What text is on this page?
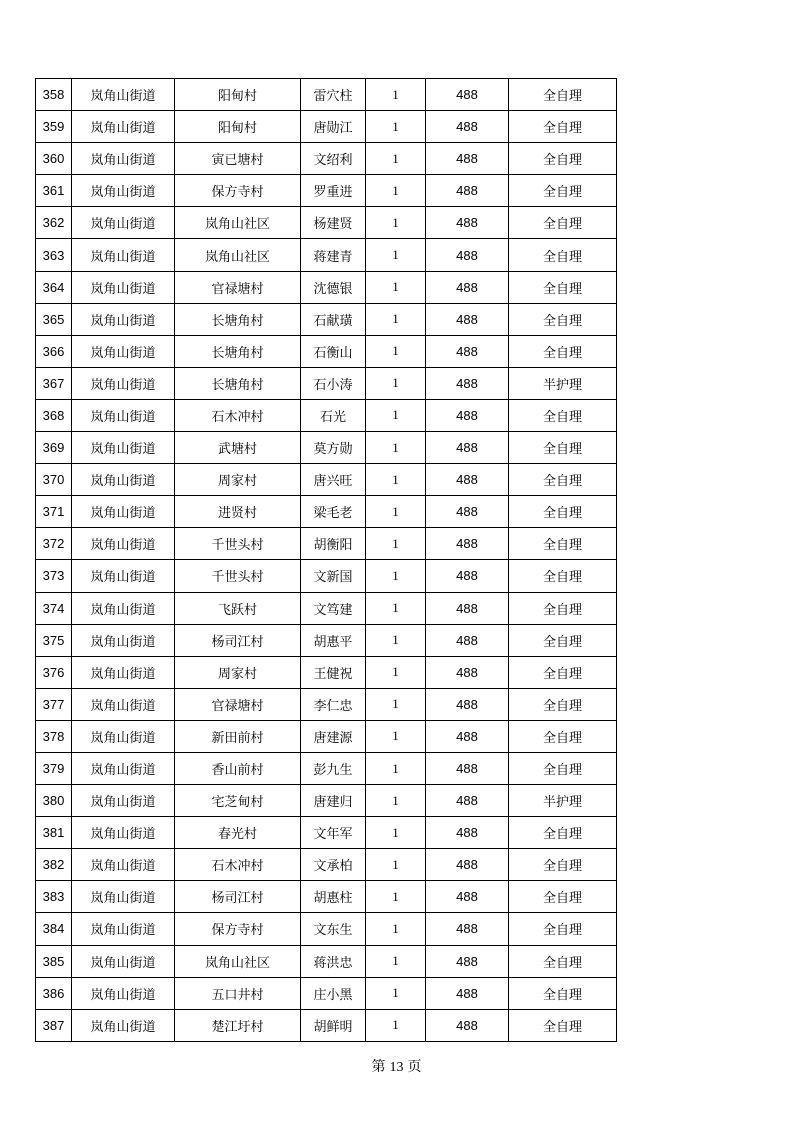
358	岚角山街道	阳甸村	雷穴柱	1	488	全自理
359	岚角山街道	阳甸村	唐勋江	1	488	全自理
360	岚角山街道	寅已塘村	文绍利	1	488	全自理
361	岚角山街道	保方寺村	罗重进	1	488	全自理
362	岚角山街道	岚角山社区	杨建贤	1	488	全自理
363	岚角山街道	岚角山社区	蒋建青	1	488	全自理
364	岚角山街道	官禄塘村	沈德银	1	488	全自理
365	岚角山街道	长塘角村	石献璜	1	488	全自理
366	岚角山街道	长塘角村	石衡山	1	488	全自理
367	岚角山街道	长塘角村	石小涛	1	488	半护理
368	岚角山街道	石木冲村	石光	1	488	全自理
369	岚角山街道	武塘村	莫方勋	1	488	全自理
370	岚角山街道	周家村	唐兴旺	1	488	全自理
371	岚角山街道	进贤村	梁毛老	1	488	全自理
372	岚角山街道	千世头村	胡衡阳	1	488	全自理
373	岚角山街道	千世头村	文新国	1	488	全自理
374	岚角山街道	飞跃村	文笃建	1	488	全自理
375	岚角山街道	杨司江村	胡惠平	1	488	全自理
376	岚角山街道	周家村	王健祝	1	488	全自理
377	岚角山街道	官禄塘村	李仁忠	1	488	全自理
378	岚角山街道	新田前村	唐建源	1	488	全自理
379	岚角山街道	香山前村	彭九生	1	488	全自理
380	岚角山街道	宅芝甸村	唐建归	1	488	半护理
381	岚角山街道	春光村	文年军	1	488	全自理
382	岚角山街道	石木冲村	文承柏	1	488	全自理
383	岚角山街道	杨司江村	胡惠柱	1	488	全自理
384	岚角山街道	保方寺村	文东生	1	488	全自理
385	岚角山街道	岚角山社区	蒋洪忠	1	488	全自理
386	岚角山街道	五口井村	庄小黑	1	488	全自理
387	岚角山街道	楚江圩村	胡鲜明	1	488	全自理
第 13 页
